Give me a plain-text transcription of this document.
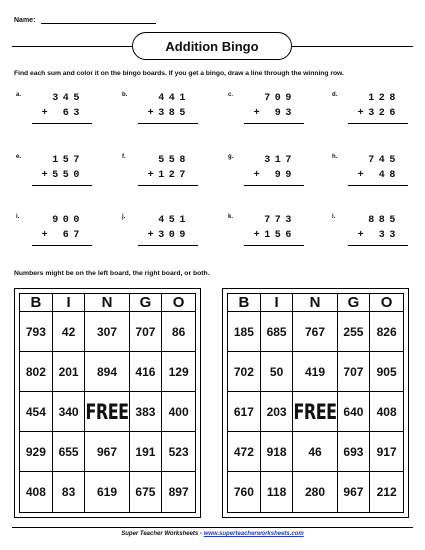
Name:
Addition Bingo
Find each sum and color it on the bingo boards. If you get a bingo, draw a line through the winning row.
a.	345
+ 63
b.	441
+385
c.	709
+ 93
d.	128
+326
e.	157
+550
f.	558
+127
g.	317
+ 99
h.	745
+ 48
i.	900
+ 67
j.	451
+309
k.	773
+156
l.	885
+ 33
Numbers might be on the left board, the right board, or both.
B	I	N	G	O
793	42	307	707	86
802	201	894	416	129
454	340 FREE 383	400
929	655	967	191	523
408	83	619	675	897
B	I	N	G	O
185	685	767	255	826
702	50	419	707	905
617	203 FREE 640	408
472	918	46	693	917
760	118	280	967	212
Super Teacher Worksheets - www.superteacherworksheets.com
